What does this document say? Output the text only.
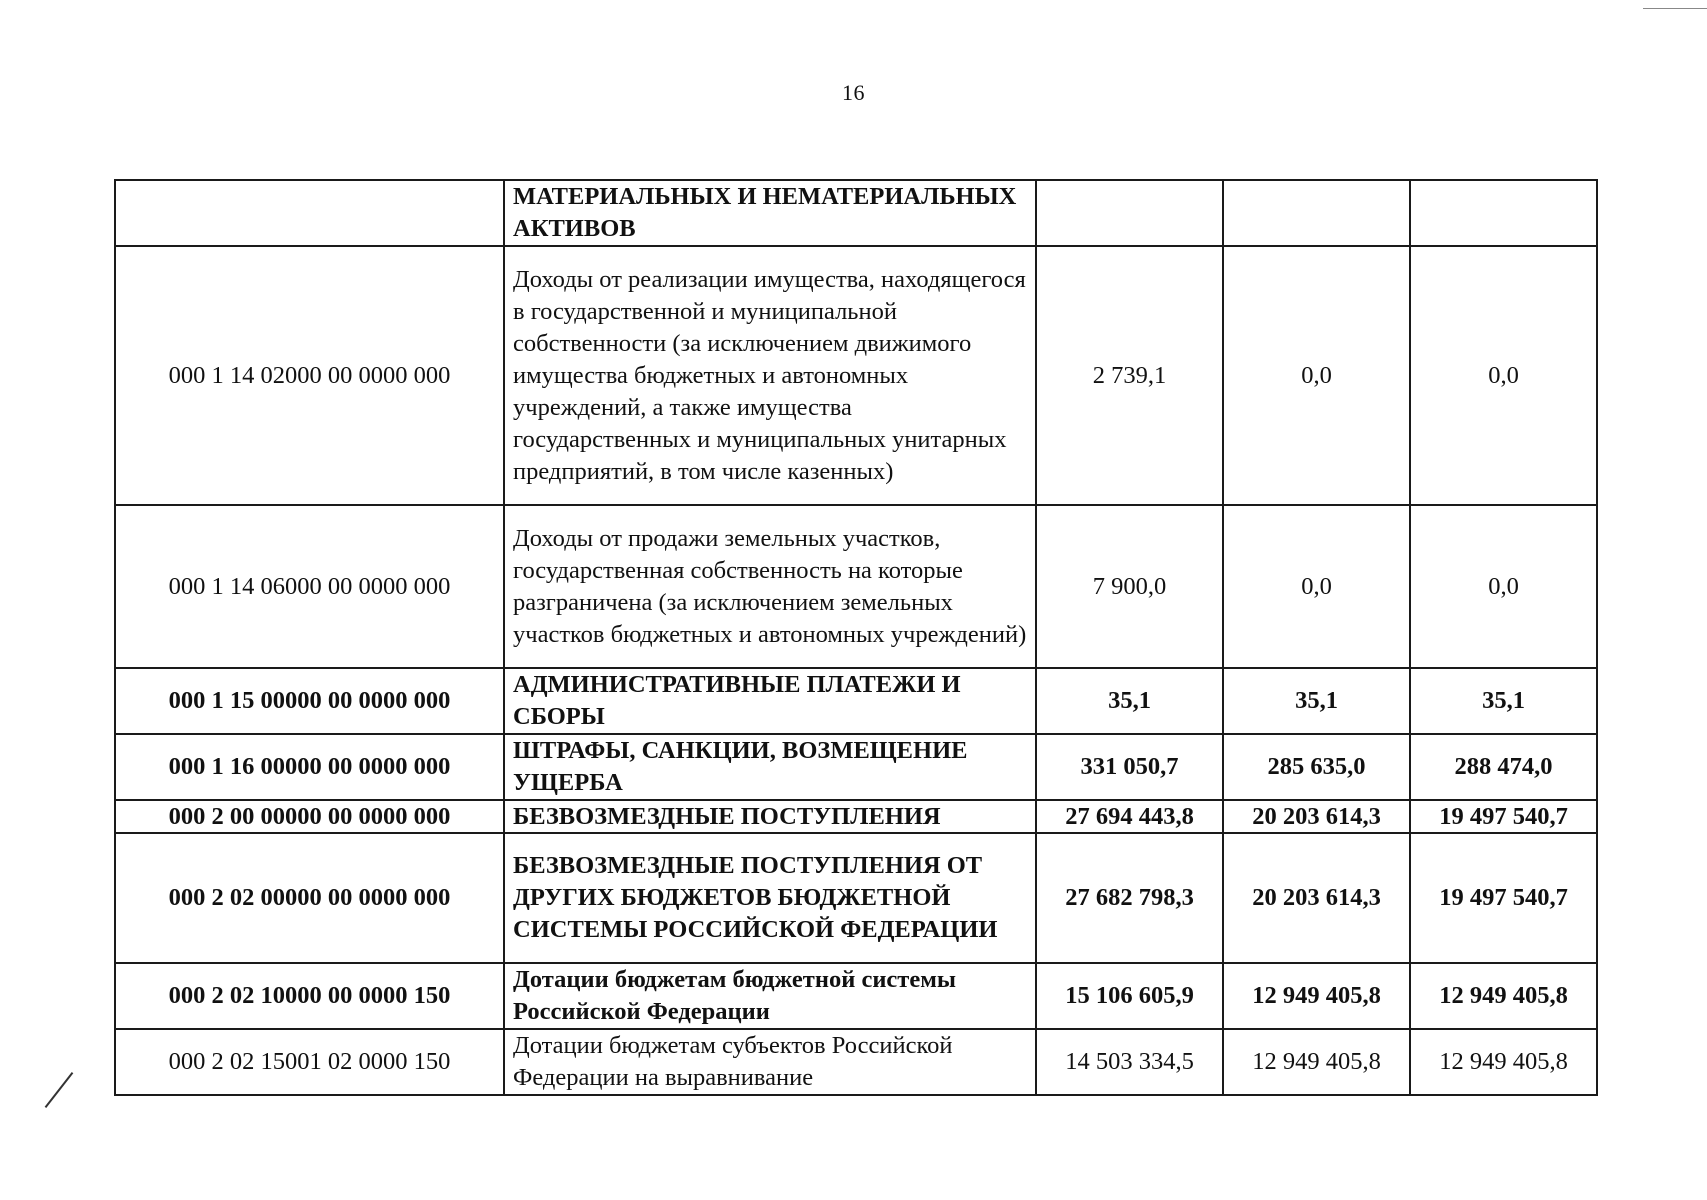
16
	МАТЕРИАЛЬНЫХ И НЕМАТЕРИАЛЬНЫХ АКТИВОВ			
000 1 14 02000 00 0000 000	Доходы от реализации имущества, находящегося в государственной и муниципальной собственности (за исключением движимого имущества бюджетных и автономных учреждений, а также имущества государственных и муниципальных унитарных предприятий, в том числе казенных)	2 739,1	0,0	0,0
000 1 14 06000 00 0000 000	Доходы от продажи земельных участков, государственная собственность на которые разграничена (за исключением земельных участков бюджетных и автономных учреждений)	7 900,0	0,0	0,0
000 1 15 00000 00 0000 000	АДМИНИСТРАТИВНЫЕ ПЛАТЕЖИ И СБОРЫ	35,1	35,1	35,1
000 1 16 00000 00 0000 000	ШТРАФЫ, САНКЦИИ, ВОЗМЕЩЕНИЕ УЩЕРБА	331 050,7	285 635,0	288 474,0
000 2 00 00000 00 0000 000	БЕЗВОЗМЕЗДНЫЕ ПОСТУПЛЕНИЯ	27 694 443,8	20 203 614,3	19 497 540,7
000 2 02 00000 00 0000 000	БЕЗВОЗМЕЗДНЫЕ ПОСТУПЛЕНИЯ ОТ ДРУГИХ БЮДЖЕТОВ БЮДЖЕТНОЙ СИСТЕМЫ РОССИЙСКОЙ ФЕДЕРАЦИИ	27 682 798,3	20 203 614,3	19 497 540,7
000 2 02 10000 00 0000 150	Дотации бюджетам бюджетной системы Российской Федерации	15 106 605,9	12 949 405,8	12 949 405,8
000 2 02 15001 02 0000 150	Дотации бюджетам субъектов Российской Федерации на выравнивание	14 503 334,5	12 949 405,8	12 949 405,8
